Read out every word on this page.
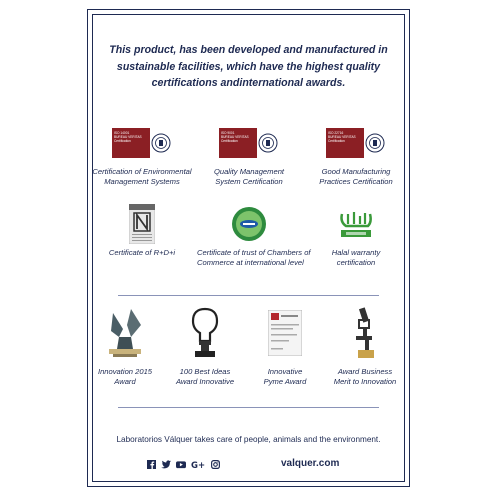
This product, has been developed and manufactured in
sustainable facilities, which have the highest quality
certifications andinternational awards.
ISO 14001
BUREAU VERITAS
Certification
Certification of Environmental
Management Systems
ISO 9001
BUREAU VERITAS
Certification
Quality Management
System Certification
ISO 22716
BUREAU VERITAS
Certification
Good Manufacturing
Practices Certification
Certificate of R+D+i	Certificate of trust of Chambers of
Commerce at international level
Halal warranty
certification
Innovation 2015
Award
100 Best Ideas
Award Innovative
Innovative
Pyme Award
Award Business
Merit to Innovation
Laboratorios Válquer takes care of people, animals and the environment.
G+	valquer.com
